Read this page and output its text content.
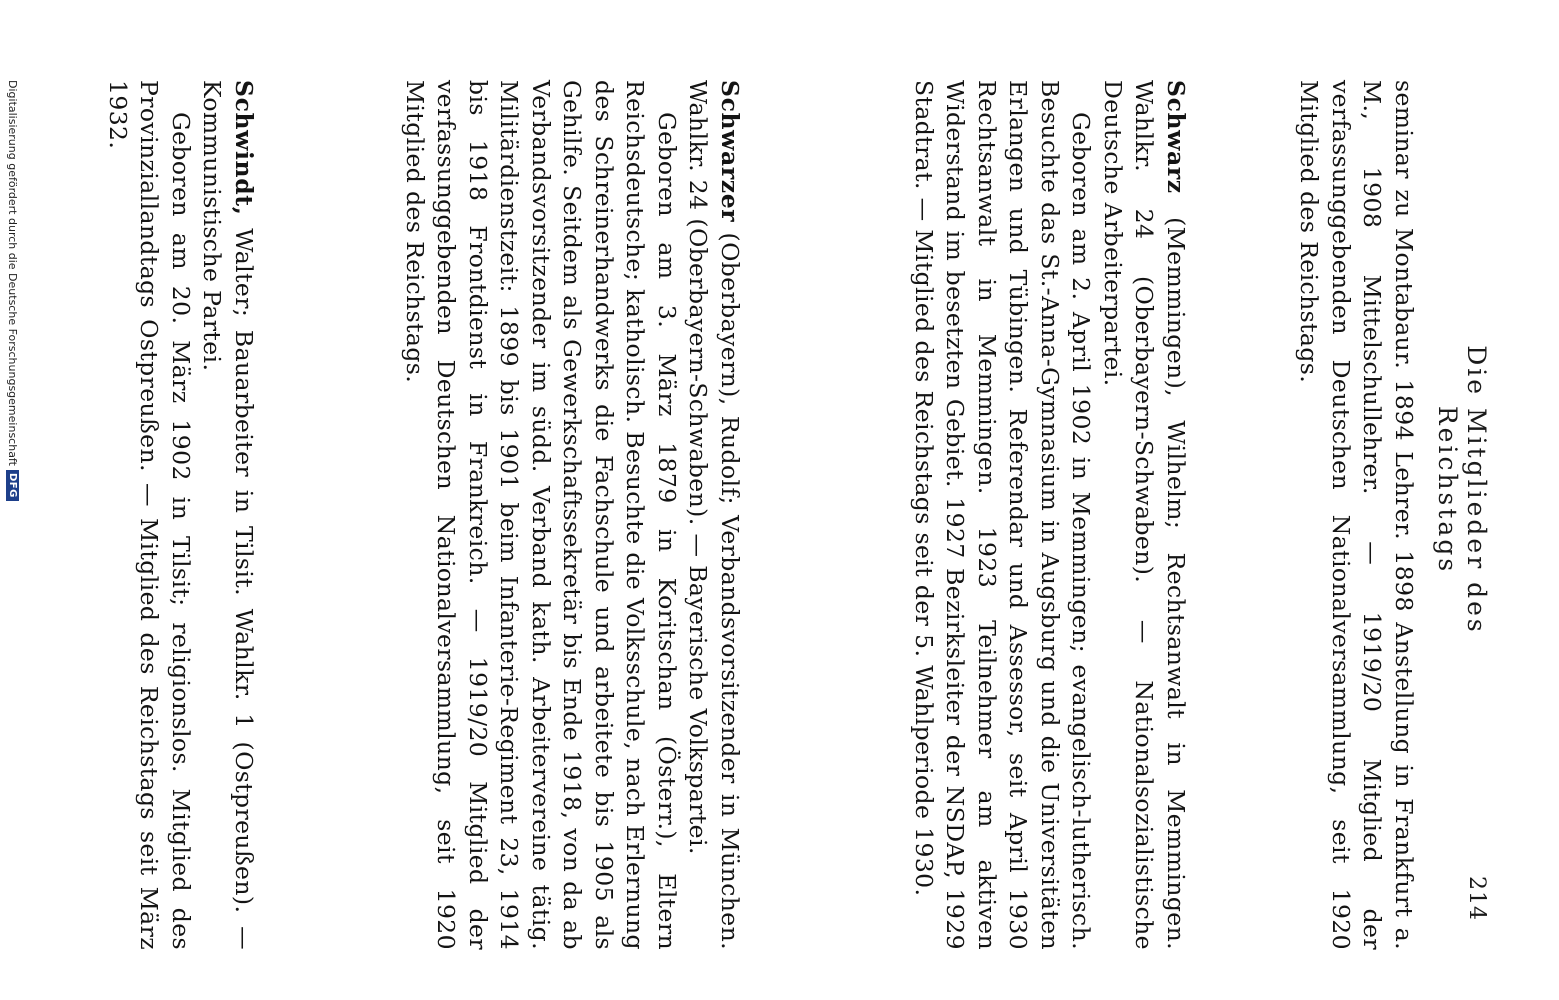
214
Die Mitglieder des Reichstags

seminar zu Montabaur. 1894 Lehrer. 1898 Anstellung in Frankfurt a. M., 1908 Mittelschullehrer. — 1919/20 Mitglied der verfassunggebenden Deutschen Nationalversammlung, seit 1920 Mitglied des Reichstags.

Schwarz (Memmingen), Wilhelm; Rechtsanwalt in Memmingen. Wahlkr. 24 (Oberbayern-Schwaben). — Nationalsozialistische Deutsche Arbeiterpartei.

Geboren am 2. April 1902 in Memmingen; evangelisch-lutherisch. Besuchte das St.-Anna-Gymnasium in Augsburg und die Universitäten Erlangen und Tübingen. Referendar und Assessor, seit April 1930 Rechtsanwalt in Memmingen. 1923 Teilnehmer am aktiven Widerstand im besetzten Gebiet. 1927 Bezirksleiter der NSDAP, 1929 Stadtrat. — Mitglied des Reichstags seit der 5. Wahlperiode 1930.

Schwarzer (Oberbayern), Rudolf; Verbandsvorsitzender in München. Wahlkr. 24 (Oberbayern-Schwaben). — Bayerische Volkspartei.

Geboren am 3. März 1879 in Koritschan (Österr.), Eltern Reichsdeutsche; katholisch. Besuchte die Volksschule, nach Erlernung des Schreinerhandwerks die Fachschule und arbeitete bis 1905 als Gehilfe. Seitdem als Gewerkschaftssekretär bis Ende 1918, von da ab Verbandsvorsitzender im südd. Verband kath. Arbeitervereine tätig. Militärdienstzeit: 1899 bis 1901 beim Infanterie-Regiment 23, 1914 bis 1918 Frontdienst in Frankreich. — 1919/20 Mitglied der verfassunggebenden Deutschen Nationalversammlung, seit 1920 Mitglied des Reichstags.

Schwindt, Walter; Bauarbeiter in Tilsit. Wahlkr. 1 (Ostpreußen). — Kommunistische Partei.

Geboren am 20. März 1902 in Tilsit; religionslos. Mitglied des Provinziallandtags Ostpreußen. — Mitglied des Reichstags seit März 1932.

Digitalisierung gefördert durch die Deutsche Forschungsgemeinschaft
DFG
